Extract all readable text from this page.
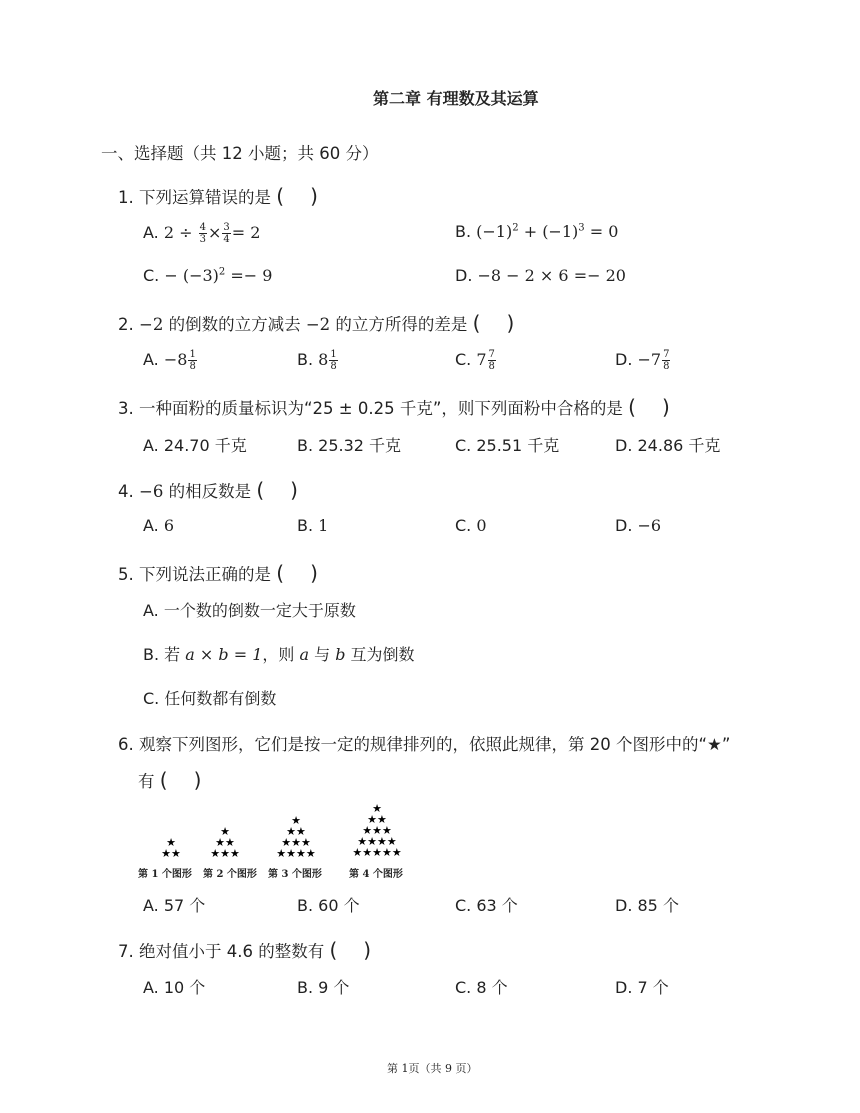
第二章 有理数及其运算
一、选择题（共 12 小题；共 60 分）
1. 下列运算错误的是 ( )
A. $2 \div \frac{4}{3} \times \frac{3}{4} = 2$	B. $(-1)^2 + (-1)^3 = 0$
C. − $(-3)^2 =- 9$	D. −8 − 2 × 6 =− 20
2. −2 的倒数的立方减去 −2 的立方所得的差是 ( )
A. $-8 \frac{1}{8}$	B. $8 \frac{1}{8}$	C. $7 \frac{7}{8}$	D. $-7 \frac{7}{8}$
3. 一种面粉的质量标识为“25 ± 0.25 千克”，则下列面粉中合格的是 ( )
A. 24.70 千克	B. 25.32 千克	C. 25.51 千克	D. 24.86 千克
4. −6 的相反数是 ( )
A. 6	B. 1	C. 0	D. −6
5. 下列说法正确的是 ( )
A. 一个数的倒数一定大于原数
B. 若 a × b = 1，则 a 与 b 互为倒数
C. 任何数都有倒数
6. 观察下列图形，它们是按一定的规律排列的，依照此规律，第 20 个图形中的“★”
有 ( )
★
★★
★
★★
★★★
★
★★
★★★
★★★★
★
★★
★★★
★★★★
★★★★★
第 1 个图形 第 2 个图形 第 3 个图形	第 4 个图形
A. 57 个	B. 60 个	C. 63 个	D. 85 个
7. 绝对值小于 4.6 的整数有 ( )
A. 10 个	B. 9 个	C. 8 个	D. 7 个
第 1页（共 9 页）
